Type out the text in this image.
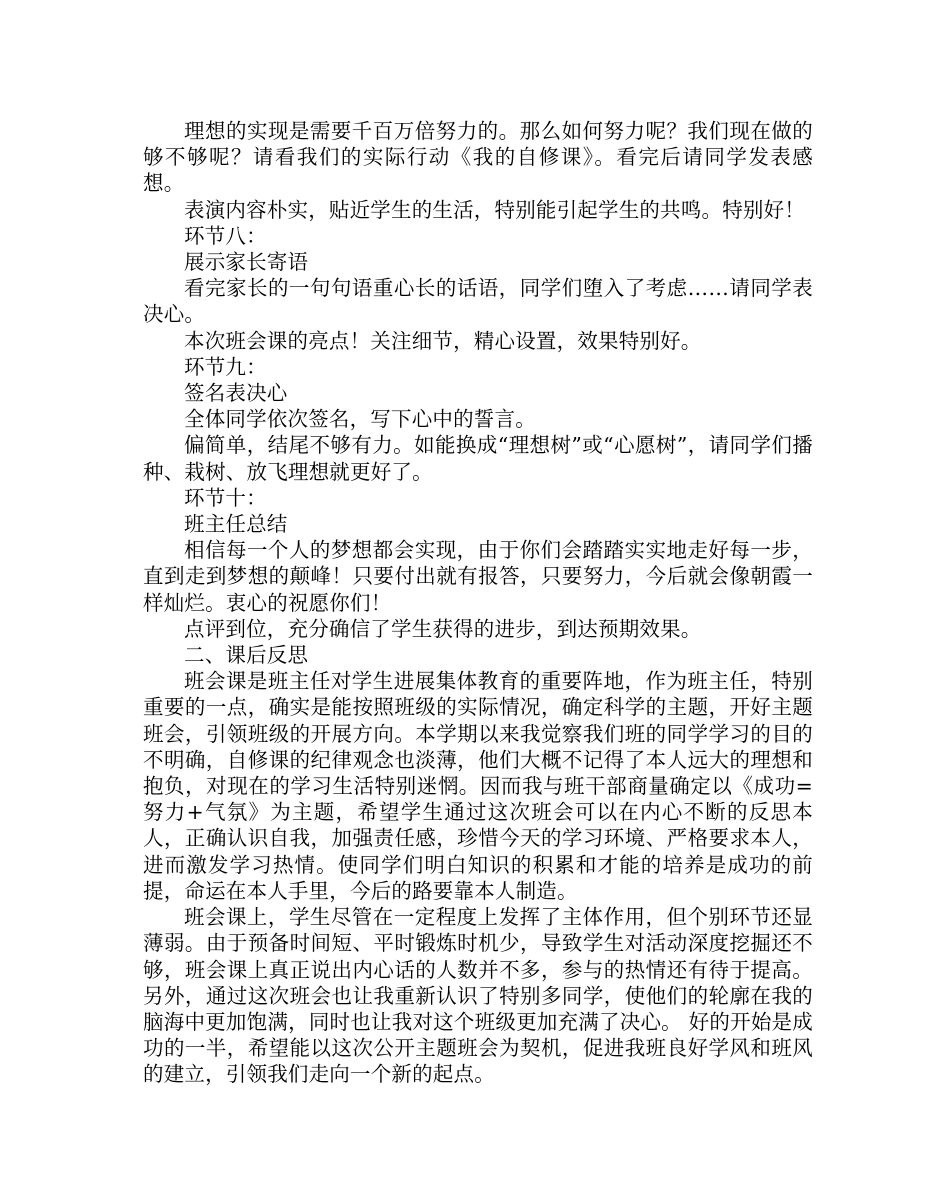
理想的实现是需要千百万倍努力的。那么如何努力呢？我们现在做的够不够呢？请看我们的实际行动《我的自修课》。看完后请同学发表感想。

表演内容朴实，贴近学生的生活，特别能引起学生的共鸣。特别好！

环节八：

展示家长寄语

看完家长的一句句语重心长的话语，同学们堕入了考虑……请同学表决心。

本次班会课的亮点！关注细节，精心设置，效果特别好。

环节九：

签名表决心

全体同学依次签名，写下心中的誓言。

偏简单，结尾不够有力。如能换成“理想树”或“心愿树”，请同学们播种、栽树、放飞理想就更好了。

环节十：

班主任总结

相信每一个人的梦想都会实现，由于你们会踏踏实实地走好每一步，直到走到梦想的颠峰！只要付出就有报答，只要努力，今后就会像朝霞一样灿烂。衷心的祝愿你们！

点评到位，充分确信了学生获得的进步，到达预期效果。

二、课后反思

班会课是班主任对学生进展集体教育的重要阵地，作为班主任，特别重要的一点，确实是能按照班级的实际情况，确定科学的主题，开好主题班会，引领班级的开展方向。本学期以来我觉察我们班的同学学习的目的不明确，自修课的纪律观念也淡薄，他们大概不记得了本人远大的理想和抱负，对现在的学习生活特别迷惘。因而我与班干部商量确定以《成功=努力+气氛》为主题，希望学生通过这次班会可以在内心不断的反思本人，正确认识自我，加强责任感，珍惜今天的学习环境、严格要求本人，进而激发学习热情。使同学们明白知识的积累和才能的培养是成功的前提，命运在本人手里，今后的路要靠本人制造。

班会课上，学生尽管在一定程度上发挥了主体作用，但个别环节还显薄弱。由于预备时间短、平时锻炼时机少，导致学生对活动深度挖掘还不够，班会课上真正说出内心话的人数并不多，参与的热情还有待于提高。另外，通过这次班会也让我重新认识了特别多同学，使他们的轮廓在我的脑海中更加饱满，同时也让我对这个班级更加充满了决心。 好的开始是成功的一半，希望能以这次公开主题班会为契机，促进我班良好学风和班风的建立，引领我们走向一个新的起点。
